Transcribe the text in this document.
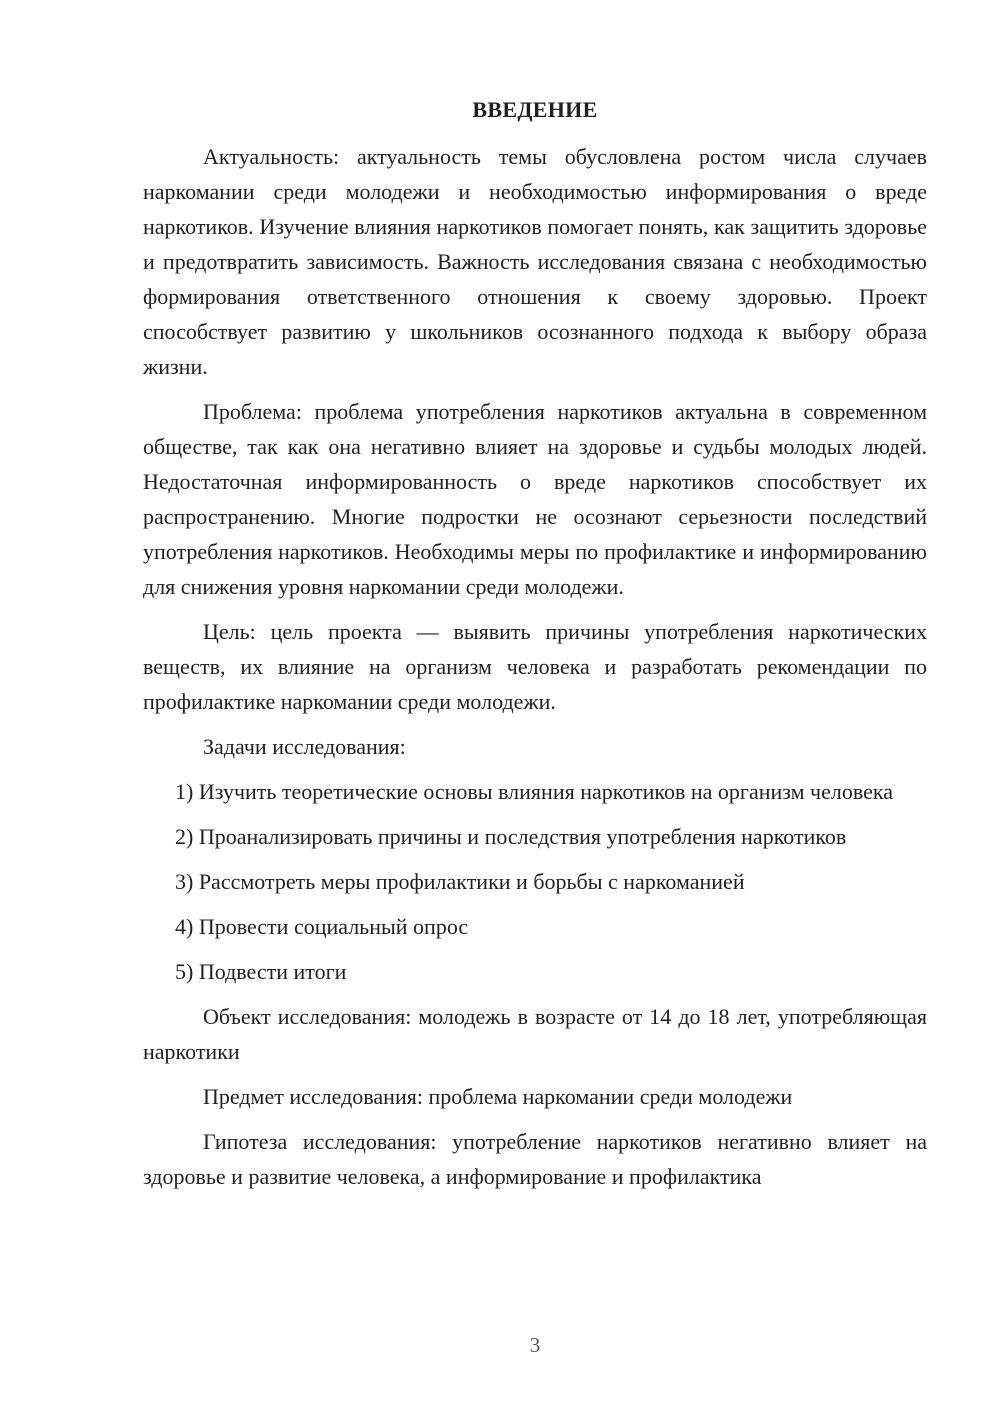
ВВЕДЕНИЕ

Актуальность: актуальность темы обусловлена ростом числа случаев наркомании среди молодежи и необходимостью информирования о вреде наркотиков. Изучение влияния наркотиков помогает понять, как защитить здоровье и предотвратить зависимость. Важность исследования связана с необходимостью формирования ответственного отношения к своему здоровью. Проект способствует развитию у школьников осознанного подхода к выбору образа жизни.

Проблема: проблема употребления наркотиков актуальна в современном обществе, так как она негативно влияет на здоровье и судьбы молодых людей. Недостаточная информированность о вреде наркотиков способствует их распространению. Многие подростки не осознают серьезности последствий употребления наркотиков. Необходимы меры по профилактике и информированию для снижения уровня наркомании среди молодежи.

Цель: цель проекта — выявить причины употребления наркотических веществ, их влияние на организм человека и разработать рекомендации по профилактике наркомании среди молодежи.

Задачи исследования:

1) Изучить теоретические основы влияния наркотиков на организм человека

2) Проанализировать причины и последствия употребления наркотиков

3) Рассмотреть меры профилактики и борьбы с наркоманией

4) Провести социальный опрос

5) Подвести итоги

Объект исследования: молодежь в возрасте от 14 до 18 лет, употребляющая наркотики

Предмет исследования: проблема наркомании среди молодежи

Гипотеза исследования: употребление наркотиков негативно влияет на здоровье и развитие человека, а информирование и профилактика

3
